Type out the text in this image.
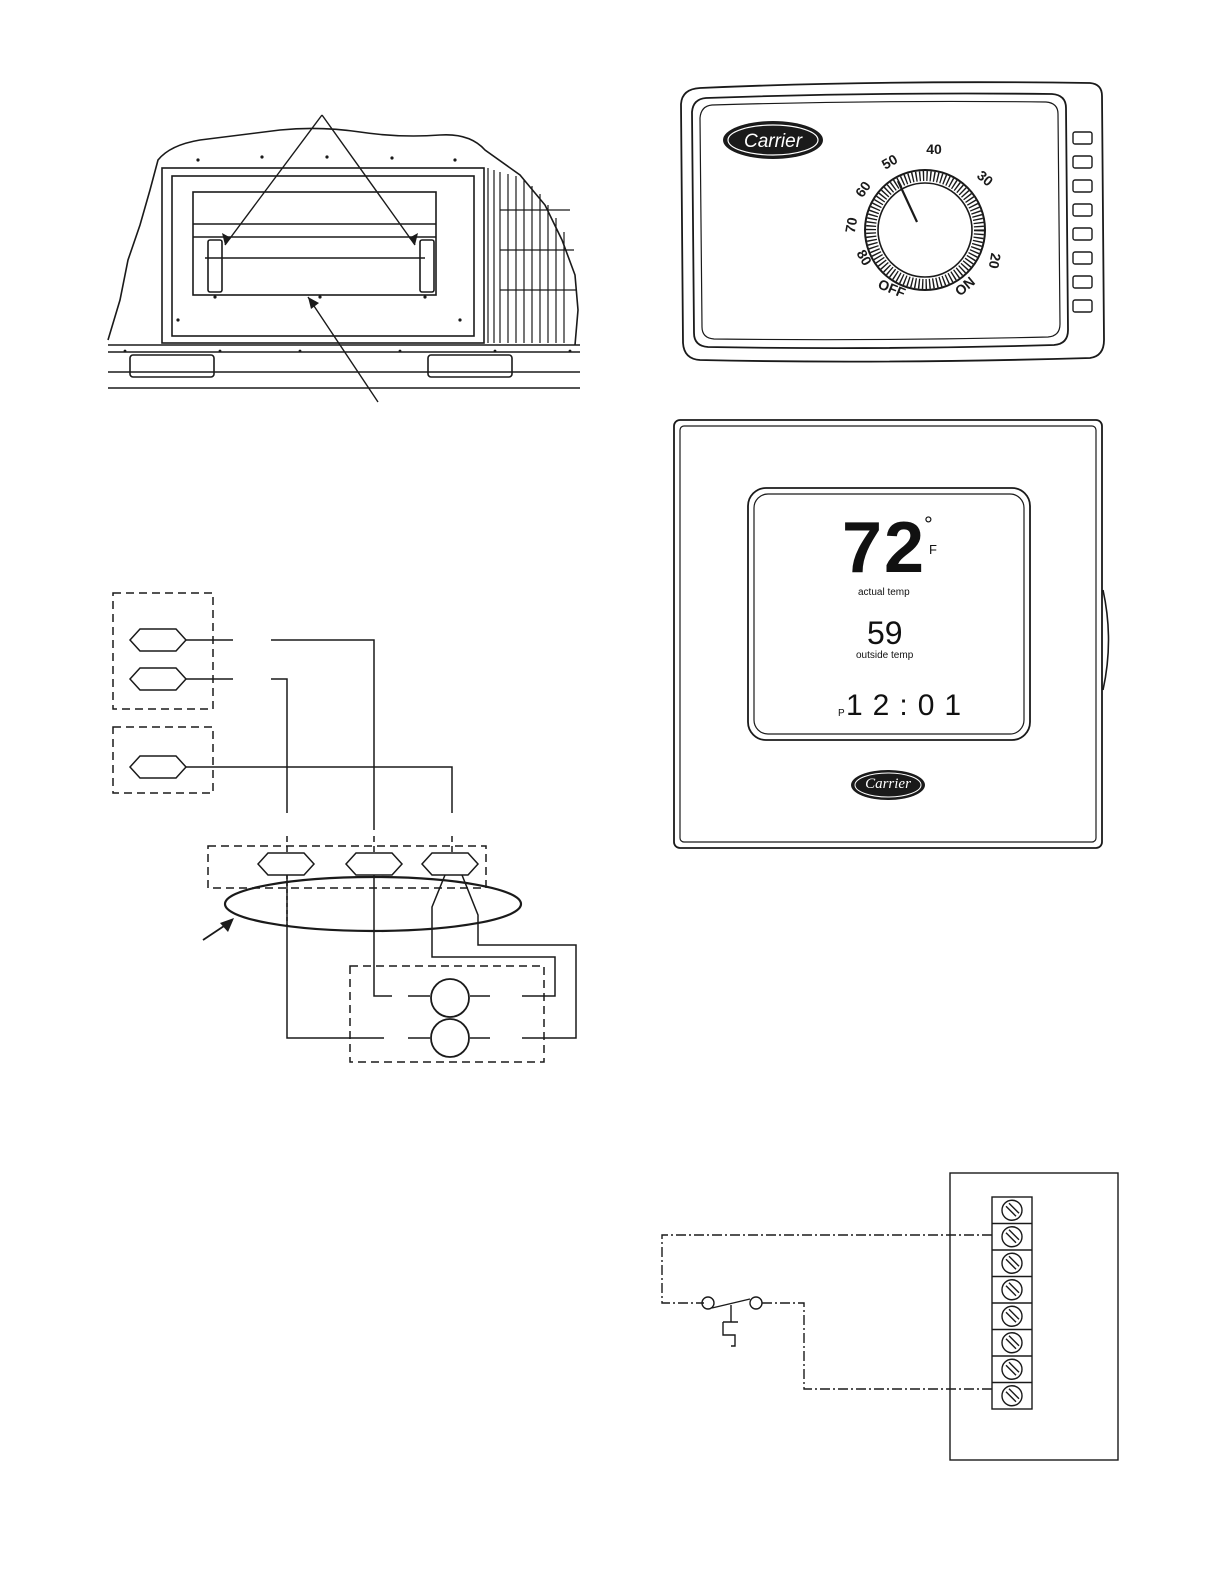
Carrier
80
70
60
50
40
30
20
OFF	ON
Carrier
72
°
F
actual temp
59
outside temp
P 12:01
